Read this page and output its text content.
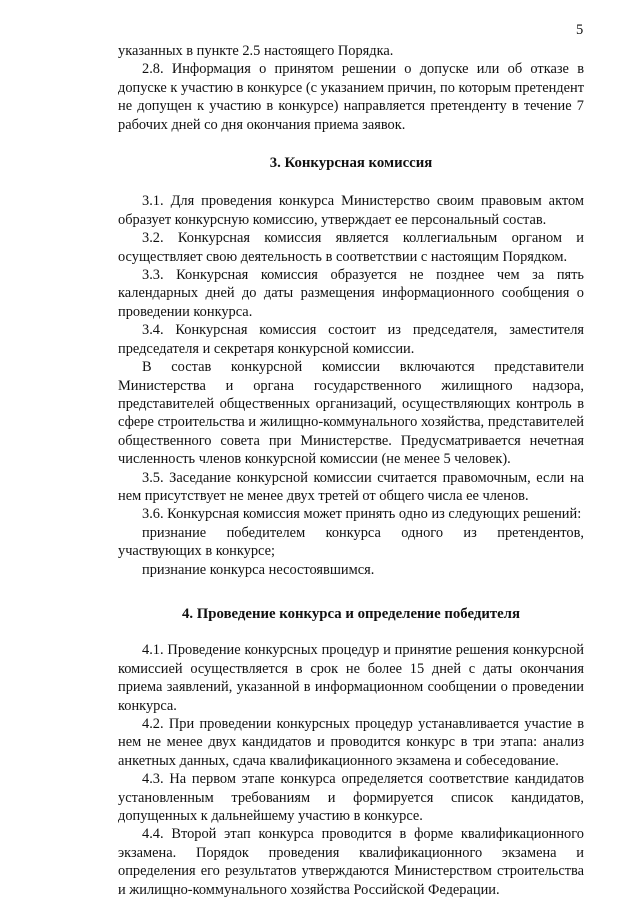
5

указанных в пункте 2.5 настоящего Порядка.

2.8. Информация о принятом решении о допуске или об отказе в допуске к участию в конкурсе (с указанием причин, по которым претендент не допущен к участию в конкурсе) направляется претенденту в течение 7 рабочих дней со дня окончания приема заявок.

3. Конкурсная комиссия

3.1. Для проведения конкурса Министерство своим правовым актом образует конкурсную комиссию, утверждает ее персональный состав.

3.2. Конкурсная комиссия является коллегиальным органом и осуществляет свою деятельность в соответствии с настоящим Порядком.

3.3. Конкурсная комиссия образуется не позднее чем за пять календарных дней до даты размещения информационного сообщения о проведении конкурса.

3.4. Конкурсная комиссия состоит из председателя, заместителя председателя и секретаря конкурсной комиссии.

В состав конкурсной комиссии включаются представители Министерства и органа государственного жилищного надзора, представителей общественных организаций, осуществляющих контроль в сфере строительства и жилищно-коммунального хозяйства, представителей общественного совета при Министерстве. Предусматривается нечетная численность членов конкурсной комиссии (не менее 5 человек).

3.5. Заседание конкурсной комиссии считается правомочным, если на нем присутствует не менее двух третей от общего числа ее членов.

3.6. Конкурсная комиссия может принять одно из следующих решений:

признание победителем конкурса одного из претендентов, участвующих в конкурсе;

признание конкурса несостоявшимся.

4. Проведение конкурса и определение победителя

4.1. Проведение конкурсных процедур и принятие решения конкурсной комиссией осуществляется в срок не более 15 дней с даты окончания приема заявлений, указанной в информационном сообщении о проведении конкурса.

4.2. При проведении конкурсных процедур устанавливается участие в нем не менее двух кандидатов и проводится конкурс в три этапа: анализ анкетных данных, сдача квалификационного экзамена и собеседование.

4.3. На первом этапе конкурса определяется соответствие кандидатов установленным требованиям и формируется список кандидатов, допущенных к дальнейшему участию в конкурсе.

4.4. Второй этап конкурса проводится в форме квалификационного экзамена. Порядок проведения квалификационного экзамена и определения его результатов утверждаются Министерством строительства и жилищно-коммунального хозяйства Российской Федерации.
